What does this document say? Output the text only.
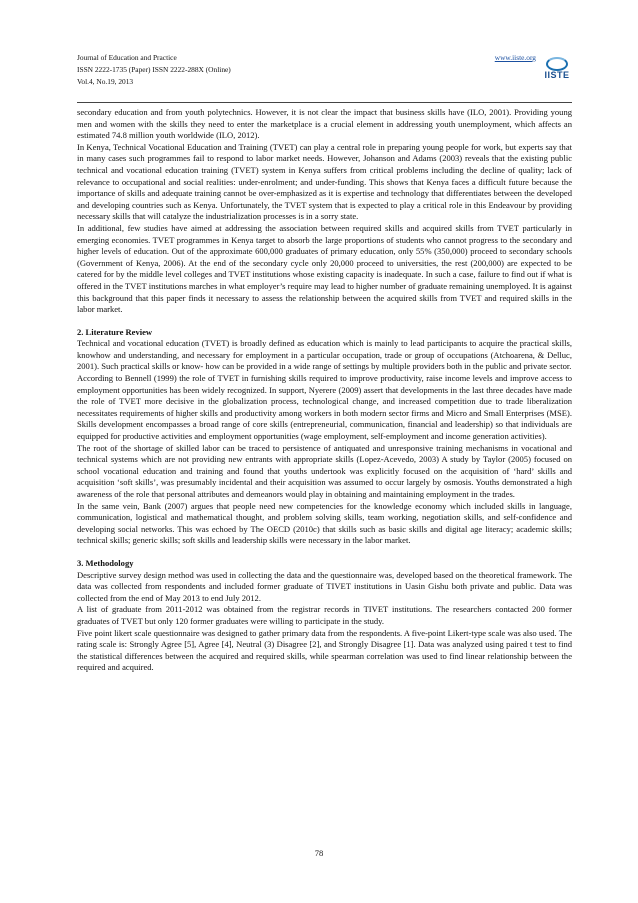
Journal of Education and Practice
ISSN 2222-1735 (Paper) ISSN 2222-288X (Online)
Vol.4, No.19, 2013
www.iiste.org
IISTE

secondary education and from youth polytechnics. However, it is not clear the impact that business skills have (ILO, 2001). Providing young men and women with the skills they need to enter the marketplace is a crucial element in addressing youth unemployment, which affects an estimated 74.8 million youth worldwide (ILO, 2012).

In Kenya, Technical Vocational Education and Training (TVET) can play a central role in preparing young people for work, but experts say that in many cases such programmes fail to respond to labor market needs. However, Johanson and Adams (2003) reveals that the existing public technical and vocational education training (TVET) system in Kenya suffers from critical problems including the decline of quality; lack of relevance to occupational and social realities: under-enrolment; and under-funding. This shows that Kenya faces a difficult future because the importance of skills and adequate training cannot be over-emphasized as it is expertise and technology that differentiates between the developed and developing countries such as Kenya. Unfortunately, the TVET system that is expected to play a critical role in this Endeavour by providing necessary skills that will catalyze the industrialization processes is in a sorry state.

In additional, few studies have aimed at addressing the association between required skills and acquired skills from TVET particularly in emerging economies. TVET programmes in Kenya target to absorb the large proportions of students who cannot progress to the secondary and higher levels of education. Out of the approximate 600,000 graduates of primary education, only 55% (350,000) proceed to secondary schools (Government of Kenya, 2006). At the end of the secondary cycle only 20,000 proceed to universities, the rest (200,000) are expected to be catered for by the middle level colleges and TVET institutions whose existing capacity is inadequate. In such a case, failure to find out if what is offered in the TVET institutions marches in what employer’s require may lead to higher number of graduate remaining unemployed. It is against this background that this paper finds it necessary to assess the relationship between the acquired skills from TVET and required skills in the labor market.

2. Literature Review

Technical and vocational education (TVET) is broadly defined as education which is mainly to lead participants to acquire the practical skills, knowhow and understanding, and necessary for employment in a particular occupation, trade or group of occupations (Atchoarena, & Delluc, 2001). Such practical skills or know- how can be provided in a wide range of settings by multiple providers both in the public and private sector.

According to Bennell (1999) the role of TVET in furnishing skills required to improve productivity, raise income levels and improve access to employment opportunities has been widely recognized. In support, Nyerere (2009) assert that developments in the last three decades have made the role of TVET more decisive in the globalization process, technological change, and increased competition due to trade liberalization necessitates requirements of higher skills and productivity among workers in both modern sector firms and Micro and Small Enterprises (MSE). Skills development encompasses a broad range of core skills (entrepreneurial, communication, financial and leadership) so that individuals are equipped for productive activities and employment opportunities (wage employment, self-employment and income generation activities).

The root of the shortage of skilled labor can be traced to persistence of antiquated and unresponsive training mechanisms in vocational and technical systems which are not providing new entrants with appropriate skills (Lopez-Acevedo, 2003) A study by Taylor (2005) focused on school vocational education and training and found that youths undertook was explicitly focused on the acquisition of ‘hard’ skills and acquisition ‘soft skills’, was presumably incidental and their acquisition was assumed to occur largely by osmosis. Youths demonstrated a high awareness of the role that personal attributes and demeanors would play in obtaining and maintaining employment in the trades.

In the same vein, Bank (2007) argues that people need new competencies for the knowledge economy which included skills in language, communication, logistical and mathematical thought, and problem solving skills, team working, negotiation skills, and self‐confidence and developing social networks. This was echoed by The OECD (2010c) that skills such as basic skills and digital age literacy; academic skills; technical skills; generic skills; soft skills and leadership skills were necessary in the labor market.

3. Methodology

Descriptive survey design method was used in collecting the data and the questionnaire was, developed based on the theoretical framework. The data was collected from respondents and included former graduate of TIVET institutions in Uasin Gishu both private and public. Data was collected from the end of May 2013 to end July 2012.

A list of graduate from 2011-2012 was obtained from the registrar records in TIVET institutions. The researchers contacted 200 former graduates of TVET but only 120 former graduates were willing to participate in the study.

Five point likert scale questionnaire was designed to gather primary data from the respondents. A five-point Likert-type scale was also used. The rating scale is: Strongly Agree [5], Agree [4], Neutral (3) Disagree [2], and Strongly Disagree [1]. Data was analyzed using paired t test to find the statistical differences between the acquired and required skills, while spearman correlation was used to find linear relationship between the required and acquired.

78
